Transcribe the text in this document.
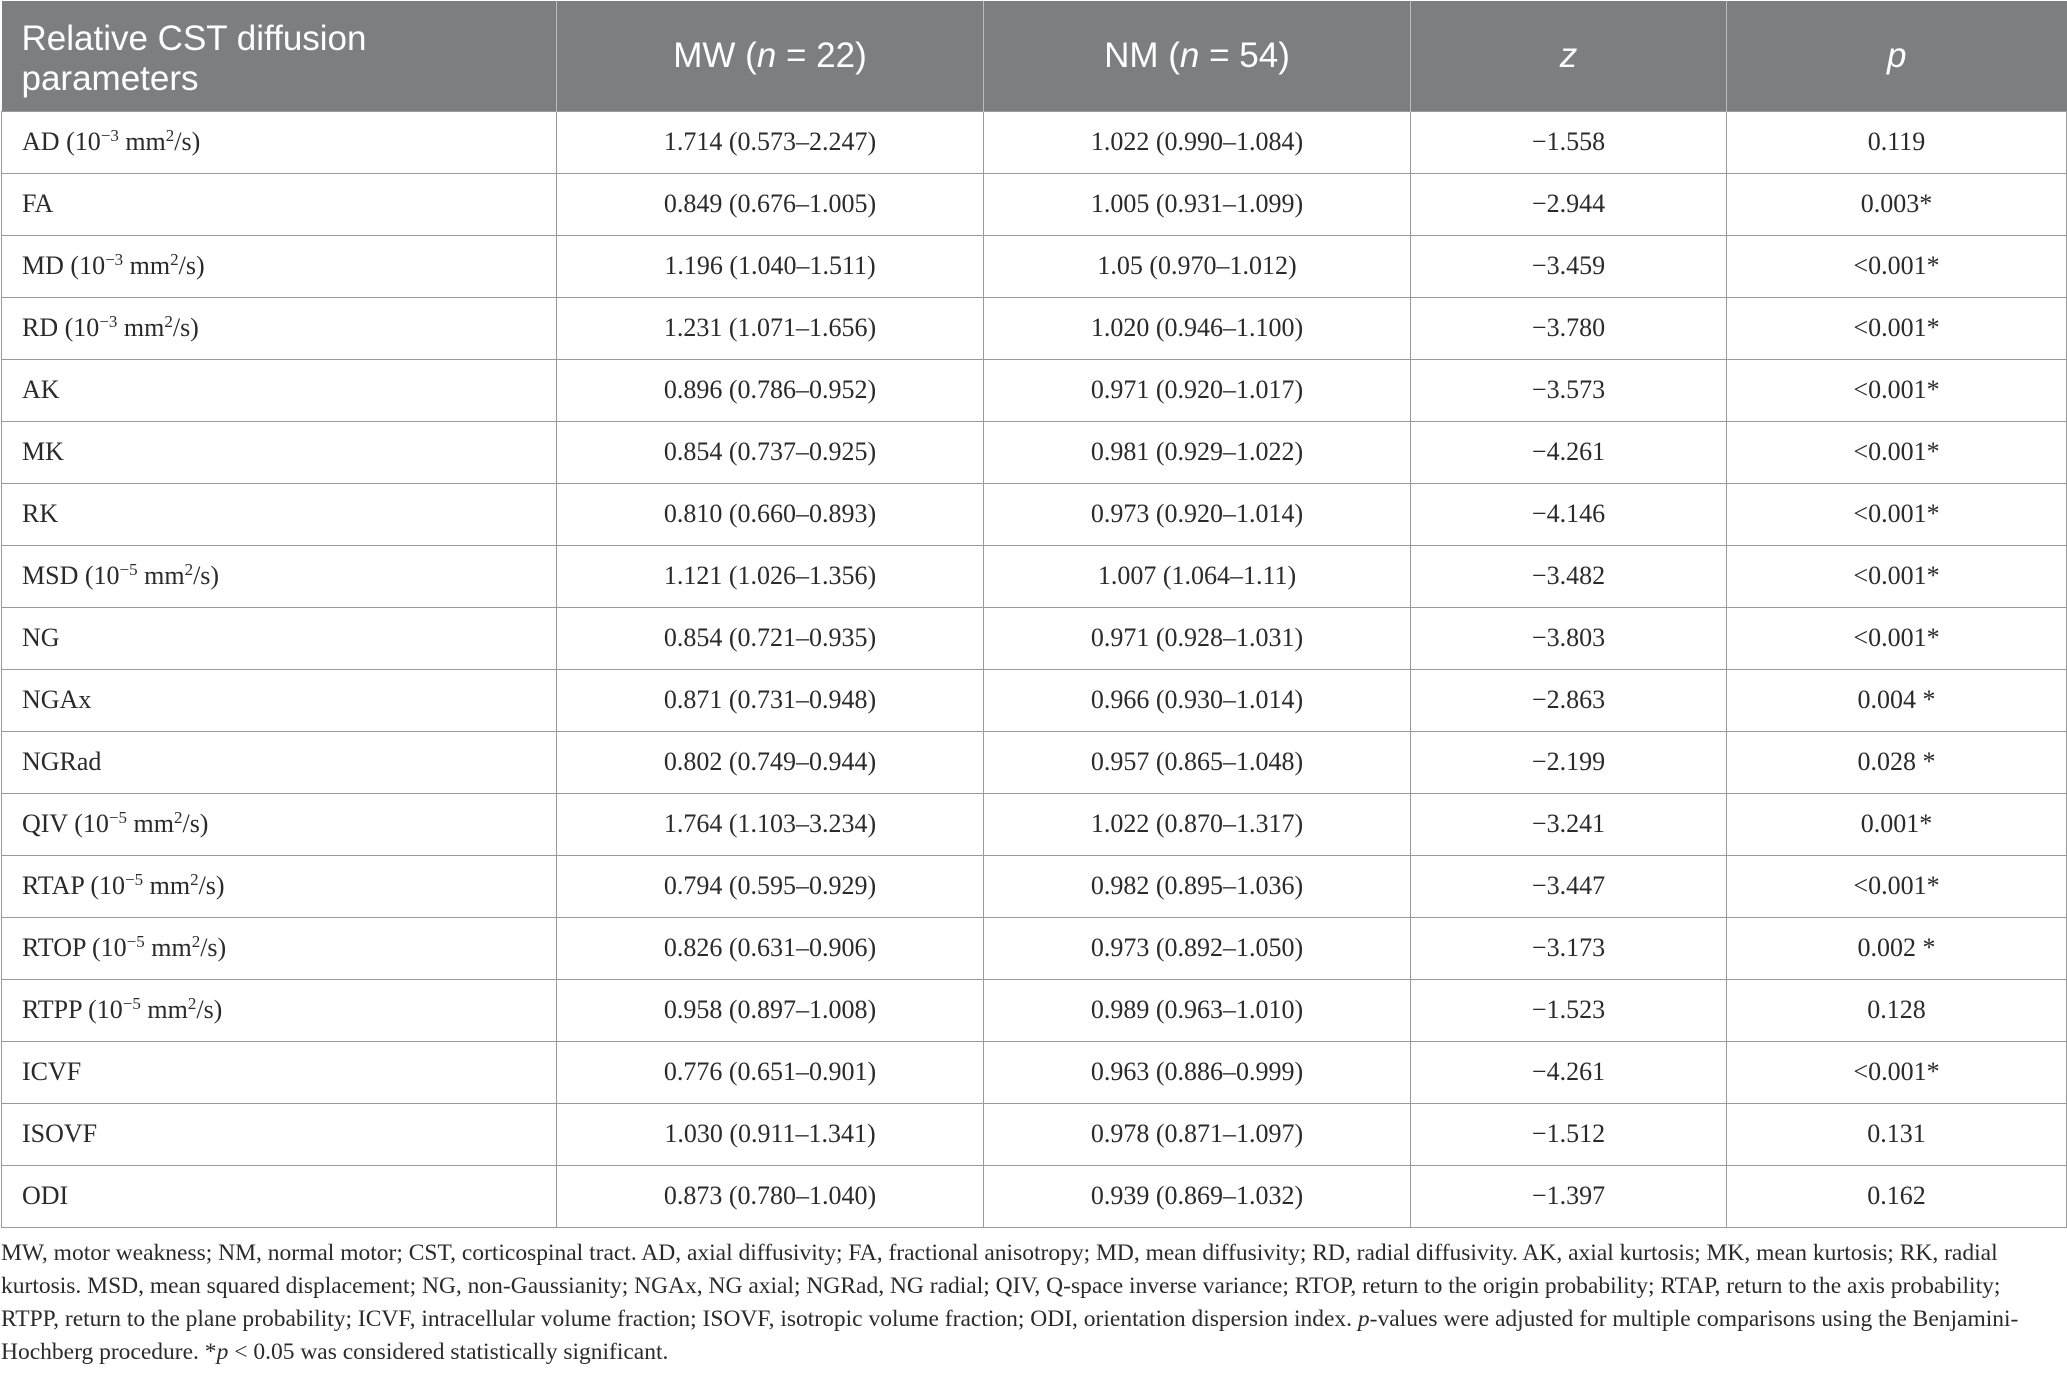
Relative CST diffusion parameters	MW (n = 22)	NM (n = 54)	z	p
AD ($10^{-3}$ $mm^2/s$)	1.714 (0.573–2.247)	1.022 (0.990–1.084)	−1.558	0.119
FA	0.849 (0.676–1.005)	1.005 (0.931–1.099)	−2.944	0.003*
MD ($10^{-3}$ $mm^2/s$)	1.196 (1.040–1.511)	1.05 (0.970–1.012)	−3.459	<0.001*
RD ($10^{-3}$ $mm^2/s$)	1.231 (1.071–1.656)	1.020 (0.946–1.100)	−3.780	<0.001*
AK	0.896 (0.786–0.952)	0.971 (0.920–1.017)	−3.573	<0.001*
MK	0.854 (0.737–0.925)	0.981 (0.929–1.022)	−4.261	<0.001*
RK	0.810 (0.660–0.893)	0.973 (0.920–1.014)	−4.146	<0.001*
MSD ($10^{-5}$ $mm^2/s$)	1.121 (1.026–1.356)	1.007 (1.064–1.11)	−3.482	<0.001*
NG	0.854 (0.721–0.935)	0.971 (0.928–1.031)	−3.803	<0.001*
NGAx	0.871 (0.731–0.948)	0.966 (0.930–1.014)	−2.863	0.004 *
NGRad	0.802 (0.749–0.944)	0.957 (0.865–1.048)	−2.199	0.028 *
QIV ($10^{-5}$ $mm^2/s$)	1.764 (1.103–3.234)	1.022 (0.870–1.317)	−3.241	0.001*
RTAP ($10^{-5}$ $mm^2/s$)	0.794 (0.595–0.929)	0.982 (0.895–1.036)	−3.447	<0.001*
RTOP ($10^{-5}$ $mm^2/s$)	0.826 (0.631–0.906)	0.973 (0.892–1.050)	−3.173	0.002 *
RTPP ($10^{-5}$ $mm^2/s$)	0.958 (0.897–1.008)	0.989 (0.963–1.010)	−1.523	0.128
ICVF	0.776 (0.651–0.901)	0.963 (0.886–0.999)	−4.261	<0.001*
ISOVF	1.030 (0.911–1.341)	0.978 (0.871–1.097)	−1.512	0.131
ODI	0.873 (0.780–1.040)	0.939 (0.869–1.032)	−1.397	0.162
MW, motor weakness; NM, normal motor; CST, corticospinal tract. AD, axial diffusivity; FA, fractional anisotropy; MD, mean diffusivity; RD, radial diffusivity. AK, axial kurtosis; MK, mean kurtosis; RK, radial kurtosis. MSD, mean squared displacement; NG, non-Gaussianity; NGAx, NG axial; NGRad, NG radial; QIV, Q-space inverse variance; RTOP, return to the origin probability; RTAP, return to the axis probability; RTPP, return to the plane probability; ICVF, intracellular volume fraction; ISOVF, isotropic volume fraction; ODI, orientation dispersion index. p-values were adjusted for multiple comparisons using the Benjamini-Hochberg procedure. *p < 0.05 was considered statistically significant.
